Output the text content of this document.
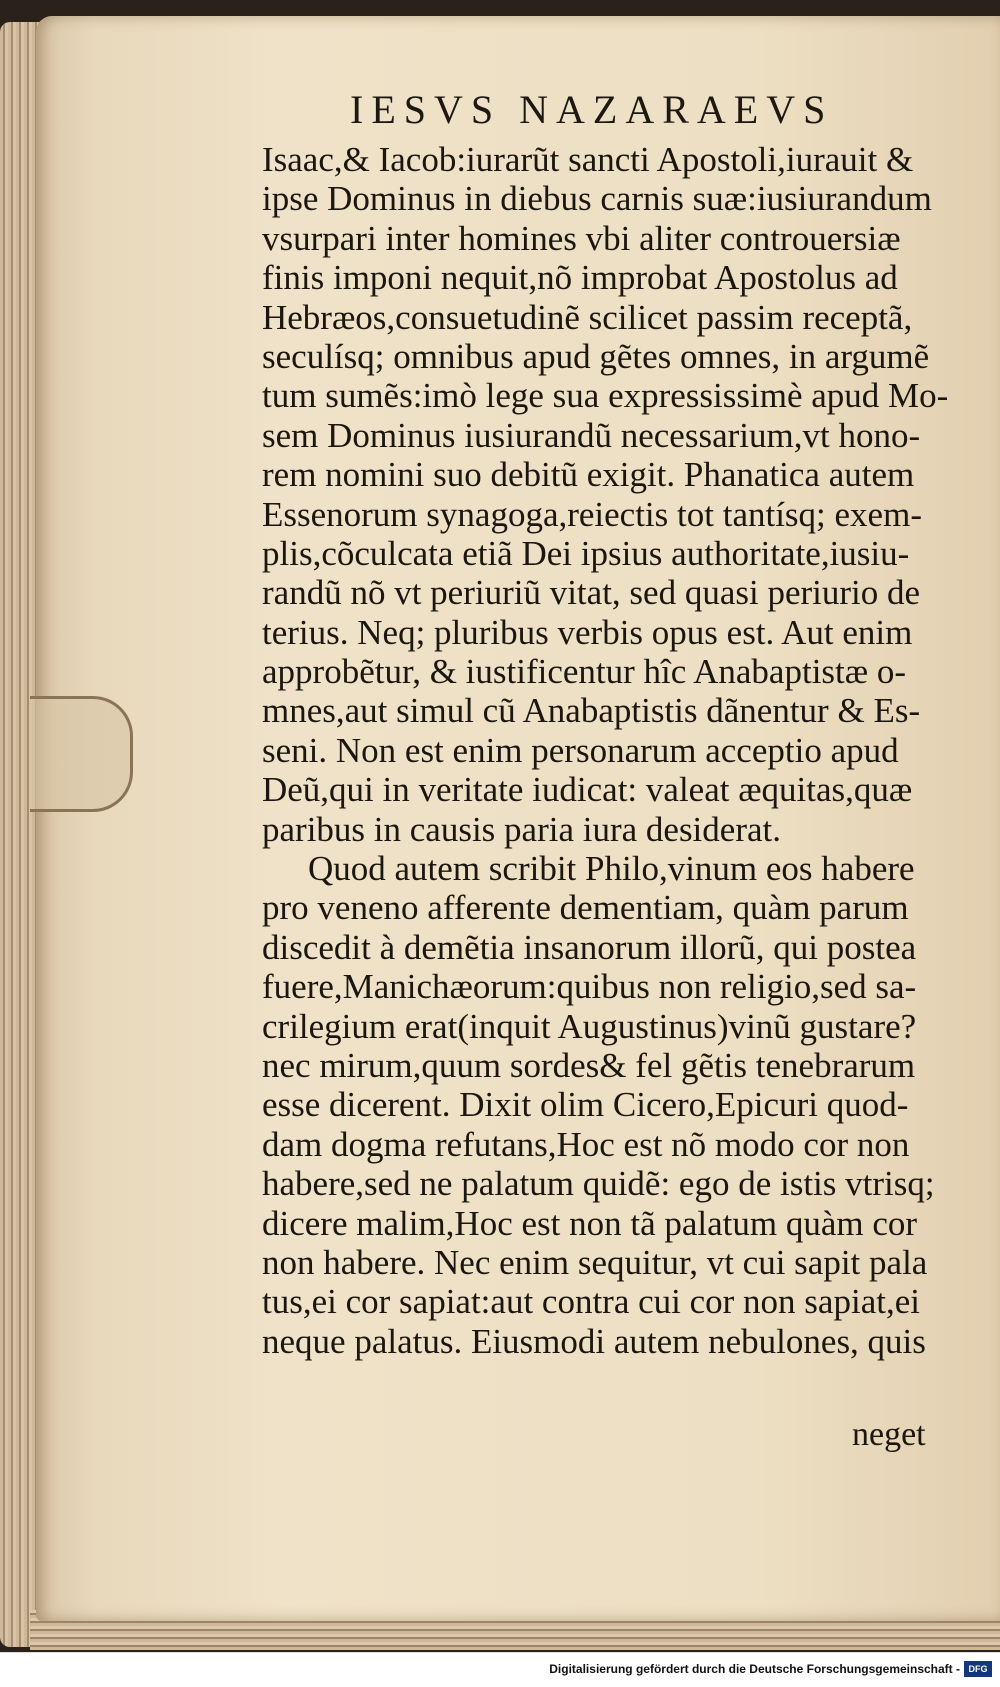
IESVS NAZARAEVS
Isaac,& Iacob:iurarũt sancti Apostoli,iurauit &
ipse Dominus in diebus carnis suæ:iusiurandum
vsurpari inter homines vbi aliter controuersiæ
finis imponi nequit,nõ improbat Apostolus ad
Hebræos,consuetudinẽ scilicet passim receptã,
seculísq; omnibus apud gẽtes omnes, in argumẽ
tum sumẽs:imò lege sua expressissimè apud Mo-
sem Dominus iusiurandũ necessarium,vt hono-
rem nomini suo debitũ exigit. Phanatica autem
Essenorum synagoga,reiectis tot tantísq; exem-
plis,cõculcata etiã Dei ipsius authoritate,iusiu-
randũ nõ vt periuriũ vitat, sed quasi periurio de
terius. Neq; pluribus verbis opus est. Aut enim
approbẽtur, & iustificentur hîc Anabaptistæ o-
mnes,aut simul cũ Anabaptistis dãnentur & Es-
seni. Non est enim personarum acceptio apud
Deũ,qui in veritate iudicat: valeat æquitas,quæ
paribus in causis paria iura desiderat.
Quod autem scribit Philo,vinum eos habere
pro veneno afferente dementiam, quàm parum
discedit à demẽtia insanorum illorũ, qui postea
fuere,Manichæorum:quibus non religio,sed sa-
crilegium erat(inquit Augustinus)vinũ gustare?
nec mirum,quum sordes& fel gẽtis tenebrarum
esse dicerent. Dixit olim Cicero,Epicuri quod-
dam dogma refutans,Hoc est nõ modo cor non
habere,sed ne palatum quidẽ: ego de istis vtrisq;
dicere malim,Hoc est non tã palatum quàm cor
non habere. Nec enim sequitur, vt cui sapit pala
tus,ei cor sapiat:aut contra cui cor non sapiat,ei
neque palatus. Eiusmodi autem nebulones, quis
neget
Digitalisierung gefördert durch die Deutsche Forschungsgemeinschaft - DFG
